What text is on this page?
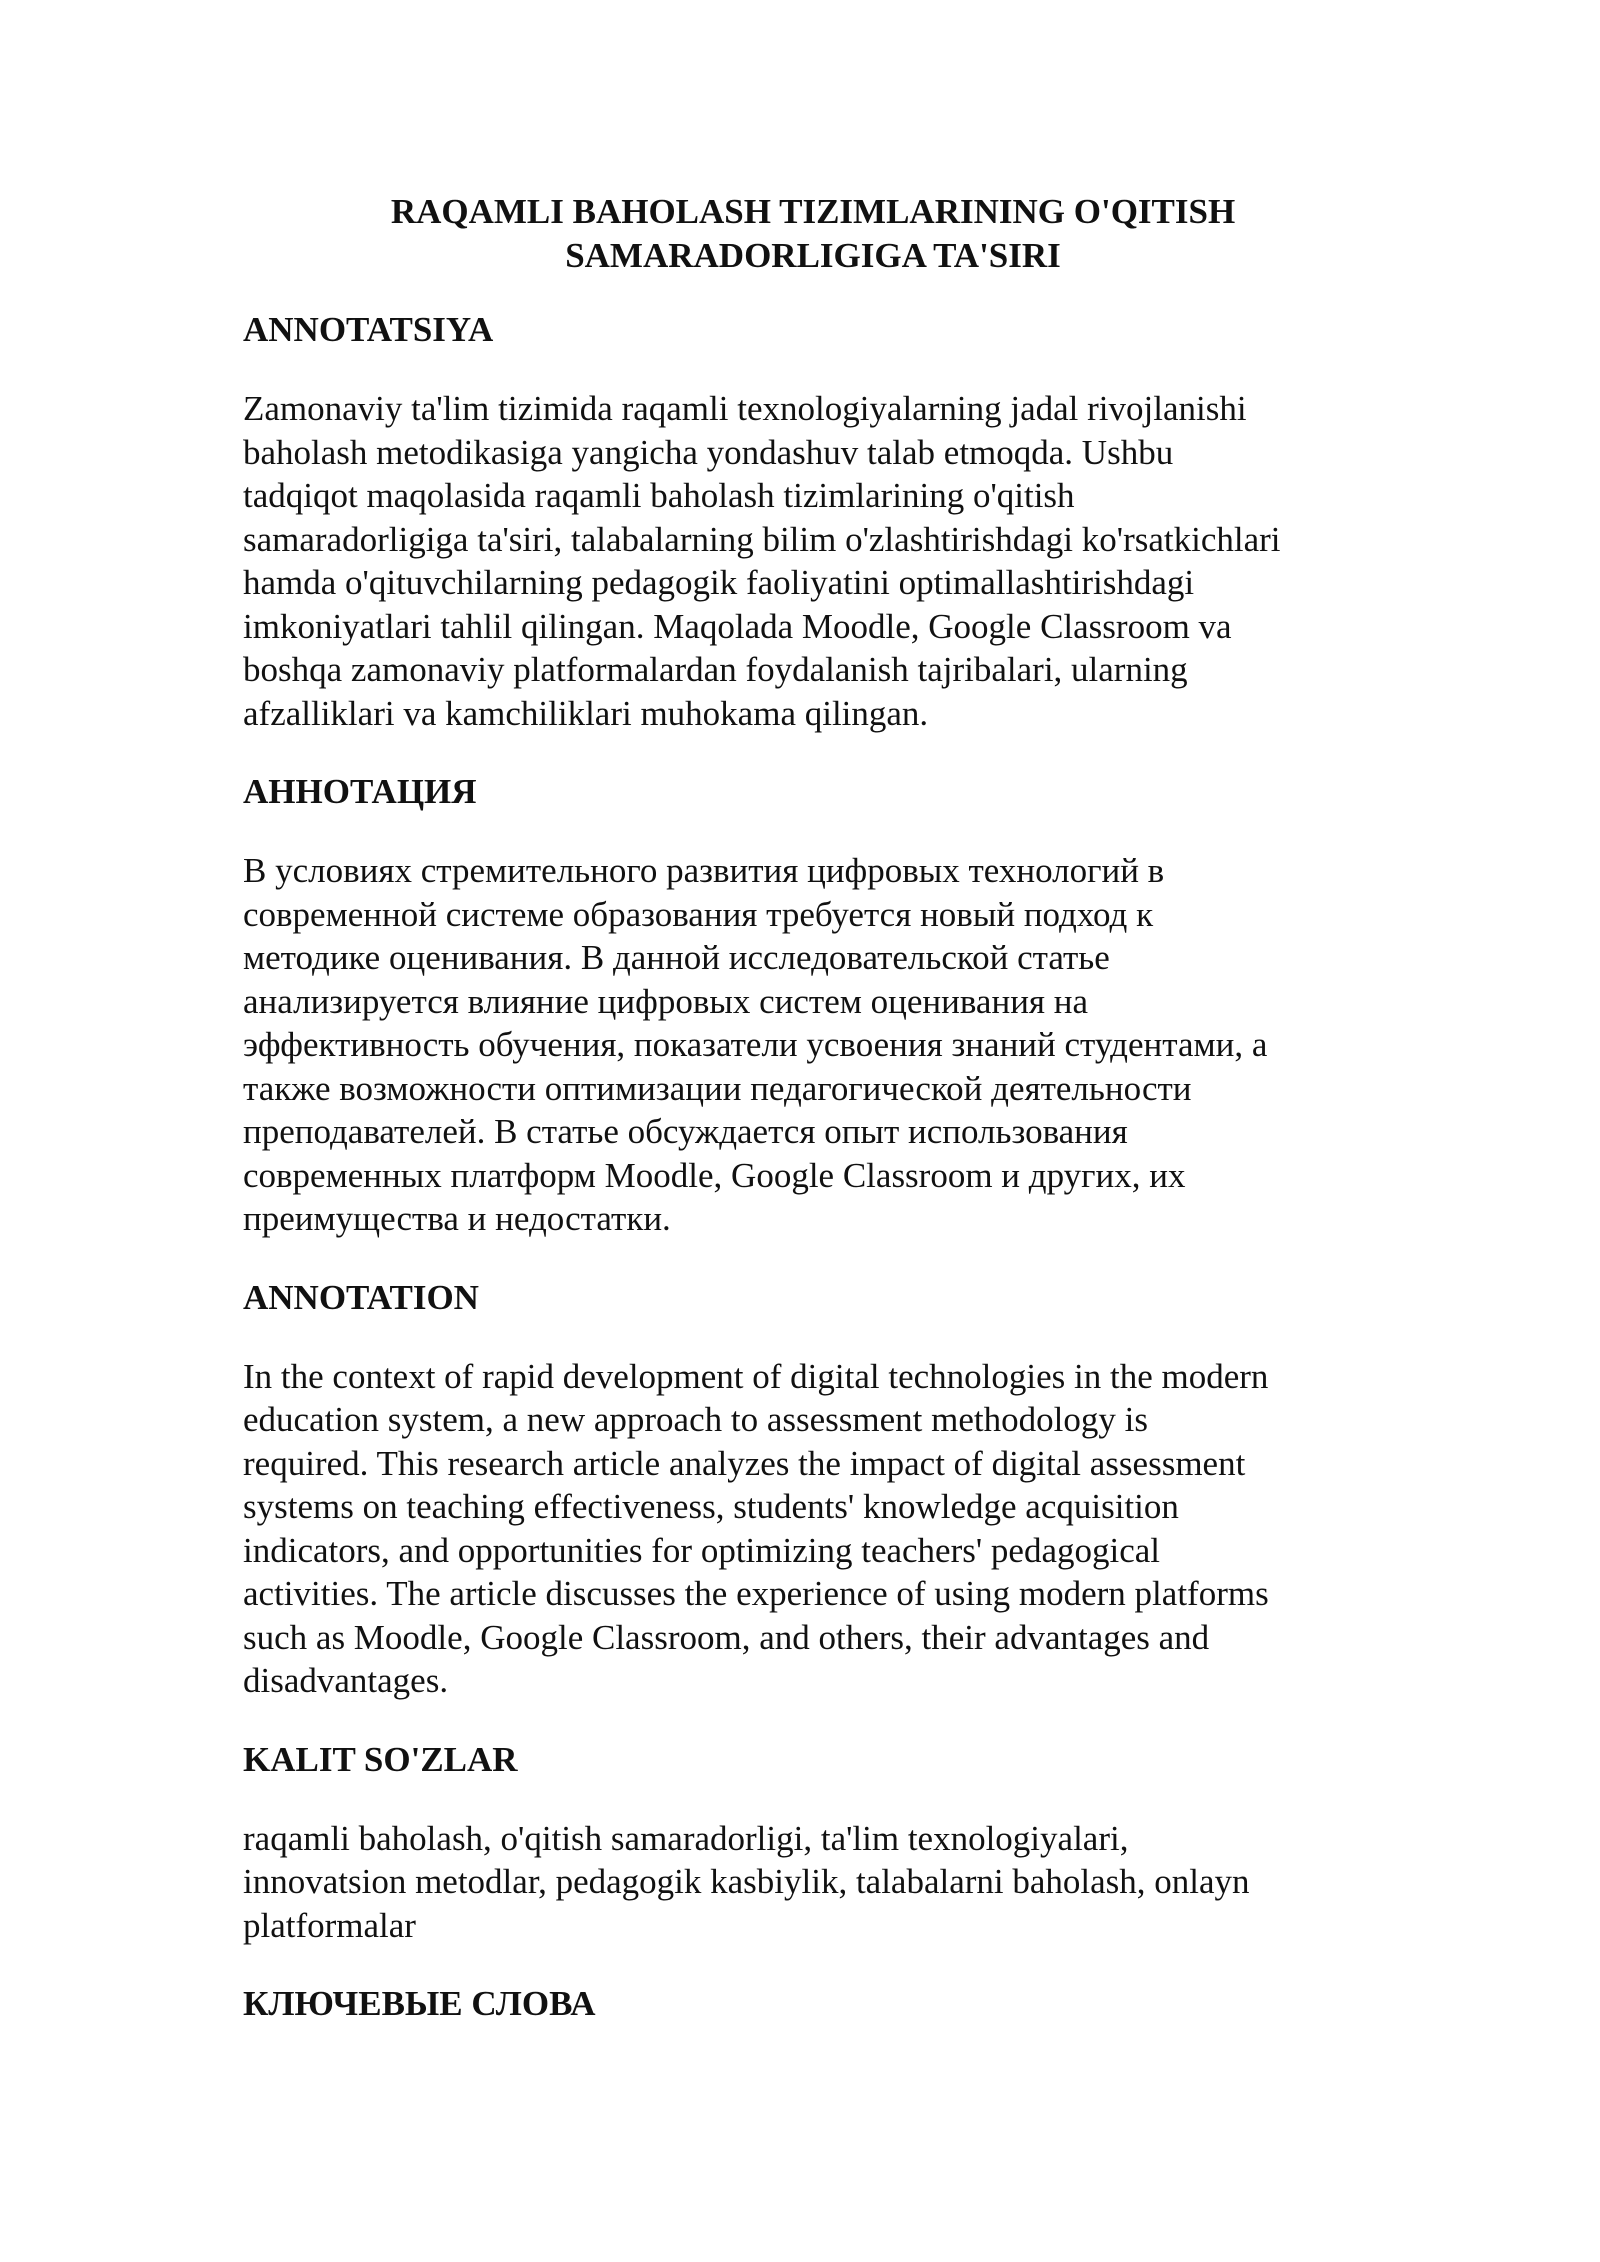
RAQAMLI BAHOLASH TIZIMLARINING O'QITISH
SAMARADORLIGIGA TA'SIRI
ANNOTATSIYA
Zamonaviy ta'lim tizimida raqamli texnologiyalarning jadal rivojlanishi
baholash metodikasiga yangicha yondashuv talab etmoqda. Ushbu
tadqiqot maqolasida raqamli baholash tizimlarining o'qitish
samaradorligiga ta'siri, talabalarning bilim o'zlashtirishdagi ko'rsatkichlari
hamda o'qituvchilarning pedagogik faoliyatini optimallashtirishdagi
imkoniyatlari tahlil qilingan. Maqolada Moodle, Google Classroom va
boshqa zamonaviy platformalardan foydalanish tajribalari, ularning
afzalliklari va kamchiliklari muhokama qilingan.
АННОТАЦИЯ
В условиях стремительного развития цифровых технологий в
современной системе образования требуется новый подход к
методике оценивания. В данной исследовательской статье
анализируется влияние цифровых систем оценивания на
эффективность обучения, показатели усвоения знаний студентами, а
также возможности оптимизации педагогической деятельности
преподавателей. В статье обсуждается опыт использования
современных платформ Moodle, Google Classroom и других, их
преимущества и недостатки.
ANNOTATION
In the context of rapid development of digital technologies in the modern
education system, a new approach to assessment methodology is
required. This research article analyzes the impact of digital assessment
systems on teaching effectiveness, students' knowledge acquisition
indicators, and opportunities for optimizing teachers' pedagogical
activities. The article discusses the experience of using modern platforms
such as Moodle, Google Classroom, and others, their advantages and
disadvantages.
KALIT SO'ZLAR
raqamli baholash, o'qitish samaradorligi, ta'lim texnologiyalari,
innovatsion metodlar, pedagogik kasbiylik, talabalarni baholash, onlayn
platformalar
КЛЮЧЕВЫЕ СЛОВА
